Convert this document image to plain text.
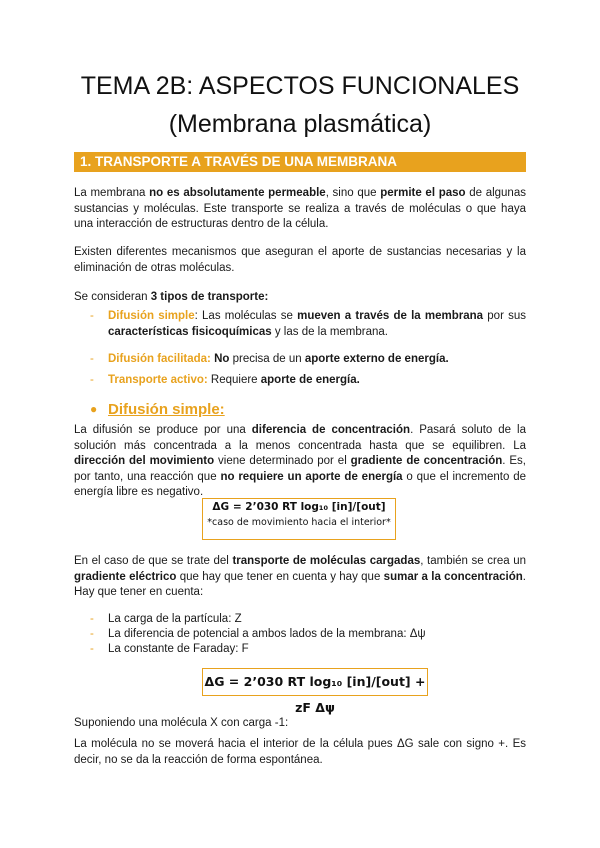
TEMA 2B: ASPECTOS FUNCIONALES
(Membrana plasmática)
1. TRANSPORTE A TRAVÉS DE UNA MEMBRANA

La membrana no es absolutamente permeable, sino que permite el paso de algunas sustancias y moléculas. Este transporte se realiza a través de moléculas o que haya una interacción de estructuras dentro de la célula.

Existen diferentes mecanismos que aseguran el aporte de sustancias necesarias y la eliminación de otras moléculas.

Se consideran 3 tipos de transporte:

- Difusión simple: Las moléculas se mueven a través de la membrana por sus características fisicoquímicas y las de la membrana.
- Difusión facilitada: No precisa de un aporte externo de energía.
- Transporte activo: Requiere aporte de energía.
● Difusión simple:

La difusión se produce por una diferencia de concentración. Pasará soluto de la solución más concentrada a la menos concentrada hasta que se equilibren. La dirección del movimiento viene determinado por el gradiente de concentración. Es, por tanto, una reacción que no requiere un aporte de energía o que el incremento de energía libre es negativo.

ΔG = 2’030 RT log₁₀ [in]/[out]
*caso de movimiento hacia el interior*

En el caso de que se trate del transporte de moléculas cargadas, también se crea un gradiente eléctrico que hay que tener en cuenta y hay que sumar a la concentración. Hay que tener en cuenta:

- La carga de la partícula: Z
- La diferencia de potencial a ambos lados de la membrana: Δψ
- La constante de Faraday: F
ΔG = 2’030 RT log₁₀ [in]/[out] + zF Δψ

Suponiendo una molécula X con carga -1:

La molécula no se moverá hacia el interior de la célula pues ΔG sale con signo +. Es decir, no se da la reacción de forma espontánea.
